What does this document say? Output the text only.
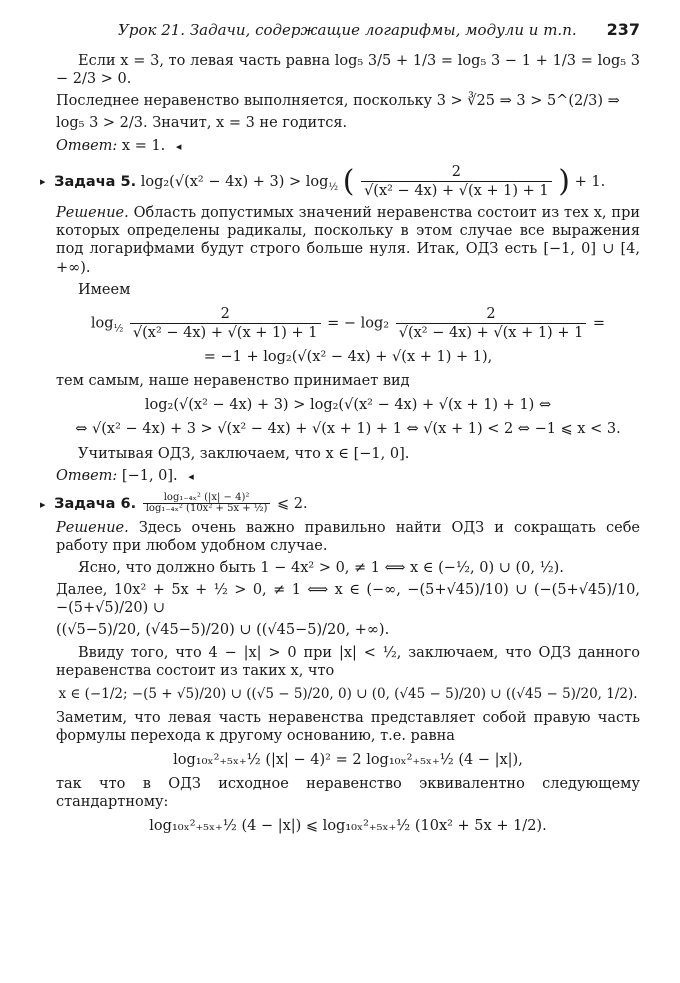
Урок 21. Задачи, содержащие логарифмы, модули и т.п. 237

Если x = 3, то левая часть равна log₅ 3/5 + 1/3 = log₅ 3 − 1 + 1/3 = log₅ 3 − 2/3 > 0.

Последнее неравенство выполняется, поскольку 3 > ∛25 ⇒ 3 > 5^(2/3) ⇒

log₅ 3 > 2/3. Значит, x = 3 не годится.

Ответ: x = 1. ◂

▸ Задача 5. $\log_2(√(x^2 - 4x) + 3) > \log_{\frac{1}{2}}$ ( $\frac{2}{\text{√(x² − 4x) + √(x + 1) + 1}}$ ) + 1.

Решение. Область допустимых значений неравенства состоит из тех x, при которых определены радикалы, поскольку в этом случае все выражения под логарифмами будут строго больше нуля. Итак, ОДЗ есть [−1, 0] ∪ [4, +∞).

Имеем

$\log_{\frac{1}{2}} \frac{2}{\text{√(x² − 4x) + √(x + 1) + 1}}$ = − $\log_2 \frac{2}{\text{√(x² − 4x) + √(x + 1) + 1}}$ =
= −1 + log₂(√(x² − 4x) + √(x + 1) + 1),

тем самым, наше неравенство принимает вид

log₂(√(x² − 4x) + 3) > log₂(√(x² − 4x) + √(x + 1) + 1) ⇔
⇔ √(x² − 4x) + 3 > √(x² − 4x) + √(x + 1) + 1 ⇔ √(x + 1) < 2 ⇔ −1 ⩽ x < 3.

Учитывая ОДЗ, заключаем, что x ∈ [−1, 0].

Ответ: [−1, 0]. ◂

▸ Задача 6. $\frac{\text{log₁₋₄ₓ² (|x| − 4)²}}{\text{log₁₋₄ₓ² (10x² + 5x + ½)}}$ ⩽ 2.

Решение. Здесь очень важно правильно найти ОДЗ и сокращать себе работу при любом удобном случае.

Ясно, что должно быть 1 − 4x² > 0, ≠ 1 ⟺ x ∈ (−½, 0) ∪ (0, ½).

Далее, 10x² + 5x + ½ > 0, ≠ 1 ⟺ x ∈ (−∞, −(5+√45)/10) ∪ (−(5+√45)/10, −(5+√5)/20) ∪

((√5−5)/20, (√45−5)/20) ∪ ((√45−5)/20, +∞).

Ввиду того, что 4 − |x| > 0 при |x| < ½, заключаем, что ОДЗ данного неравенства состоит из таких x, что

x ∈ (−1/2; −(5 + √5)/20) ∪ ((√5 − 5)/20, 0) ∪ (0, (√45 − 5)/20) ∪ ((√45 − 5)/20, 1/2).

Заметим, что левая часть неравенства представляет собой правую часть формулы перехода к другому основанию, т.е. равна

log₁₀ₓ²₊₅ₓ₊½ (|x| − 4)² = 2 log₁₀ₓ²₊₅ₓ₊½ (4 − |x|),

так что в ОДЗ исходное неравенство эквивалентно следующему стандартному:

log₁₀ₓ²₊₅ₓ₊½ (4 − |x|) ⩽ log₁₀ₓ²₊₅ₓ₊½ (10x² + 5x + 1/2).
